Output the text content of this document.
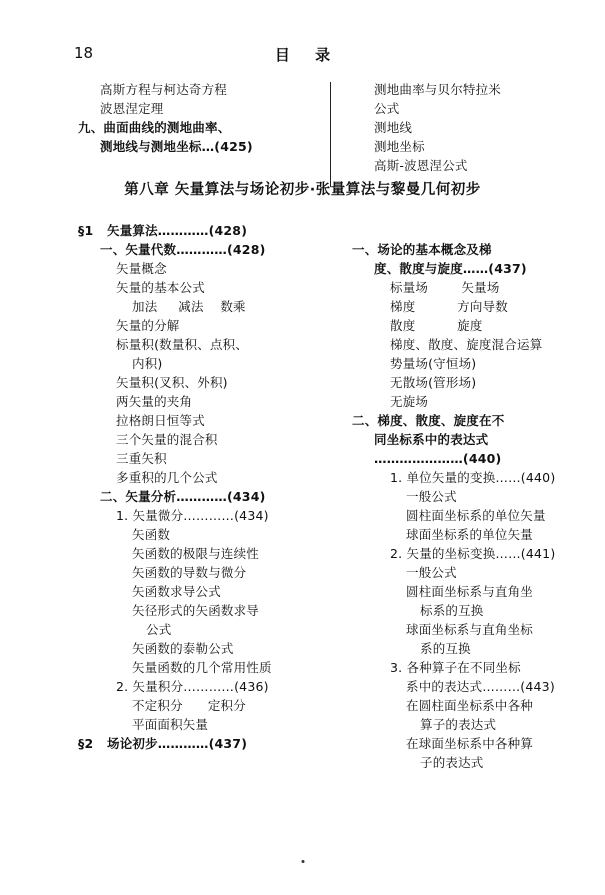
18	目 录
高斯方程与柯达奇方程
波恩涅定理
九、曲面曲线的测地曲率、
测地线与测地坐标…(425)
§1   矢量算法…………(428)
一、矢量代数…………(428)
矢量概念
矢量的基本公式
加法     减法    数乘
矢量的分解
标量积(数量积、点积、
内积)
矢量积(叉积、外积)
两矢量的夹角
拉格朗日恒等式
三个矢量的混合积
三重矢积
多重积的几个公式
二、矢量分析…………(434)
1. 矢量微分…………(434)
矢函数
矢函数的极限与连续性
矢函数的导数与微分
矢函数求导公式
矢径形式的矢函数求导
公式
矢函数的泰勒公式
矢量函数的几个常用性质
2. 矢量积分…………(436)
不定积分      定积分
平面面积矢量
§2   场论初步…………(437)
测地曲率与贝尔特拉米
公式
测地线
测地坐标
高斯-波恩涅公式
一、场论的基本概念及梯
度、散度与旋度……(437)
标量场        矢量场
梯度          方向导数
散度          旋度
梯度、散度、旋度混合运算
势量场(守恒场)
无散场(管形场)
无旋场
二、梯度、散度、旋度在不
同坐标系中的表达式
…………………(440)
1. 单位矢量的变换……(440)
一般公式
圆柱面坐标系的单位矢量
球面坐标系的单位矢量
2. 矢量的坐标变换……(441)
一般公式
圆柱面坐标系与直角坐
标系的互换
球面坐标系与直角坐标
系的互换
3. 各种算子在不同坐标
系中的表达式………(443)
在圆柱面坐标系中各种
算子的表达式
在球面坐标系中各种算
子的表达式
第八章 矢量算法与场论初步·张量算法与黎曼几何初步
